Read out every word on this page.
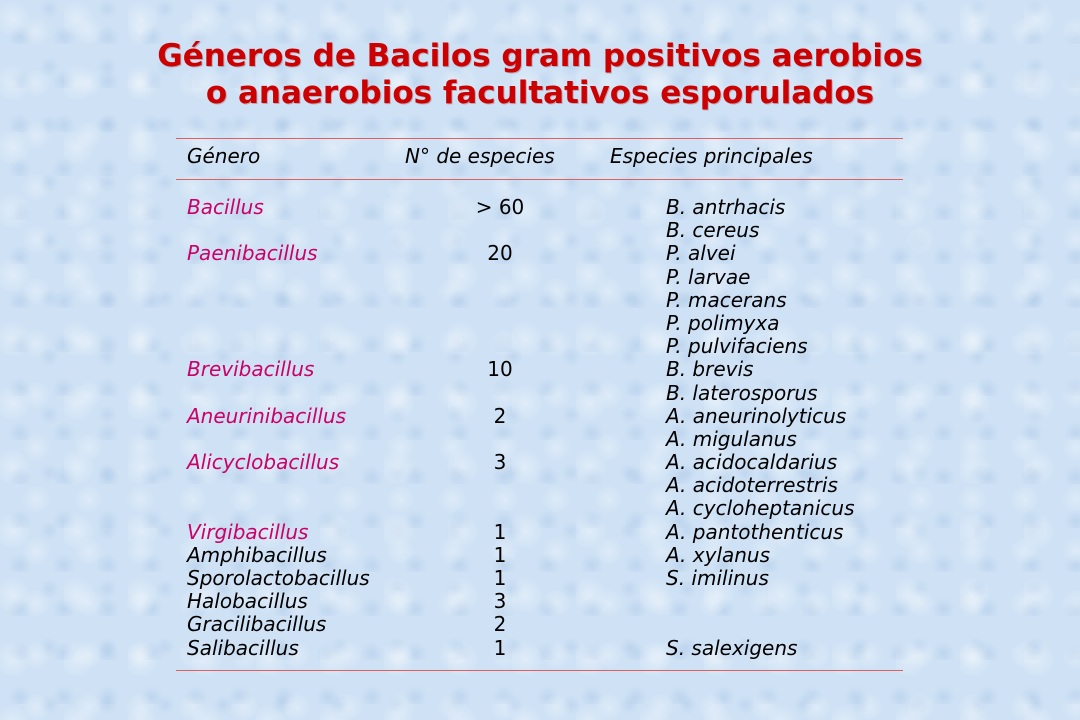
Géneros de Bacilos gram positivos aerobios
o anaerobios facultativos esporulados
Género	N° de especies	Especies principales
Bacillus	> 60	B. antrhacis
B. cereus
Paenibacillus	20	P. alvei
P. larvae
P. macerans
P. polimyxa
P. pulvifaciens
Brevibacillus	10	B. brevis
B. laterosporus
Aneurinibacillus	2	A. aneurinolyticus
A. migulanus
Alicyclobacillus	3	A. acidocaldarius
A. acidoterrestris
A. cycloheptanicus
Virgibacillus	1	A. pantothenticus
Amphibacillus	1	A. xylanus
Sporolactobacillus	1	S. imilinus
Halobacillus	3
Gracilibacillus	2
Salibacillus	1	S. salexigens
